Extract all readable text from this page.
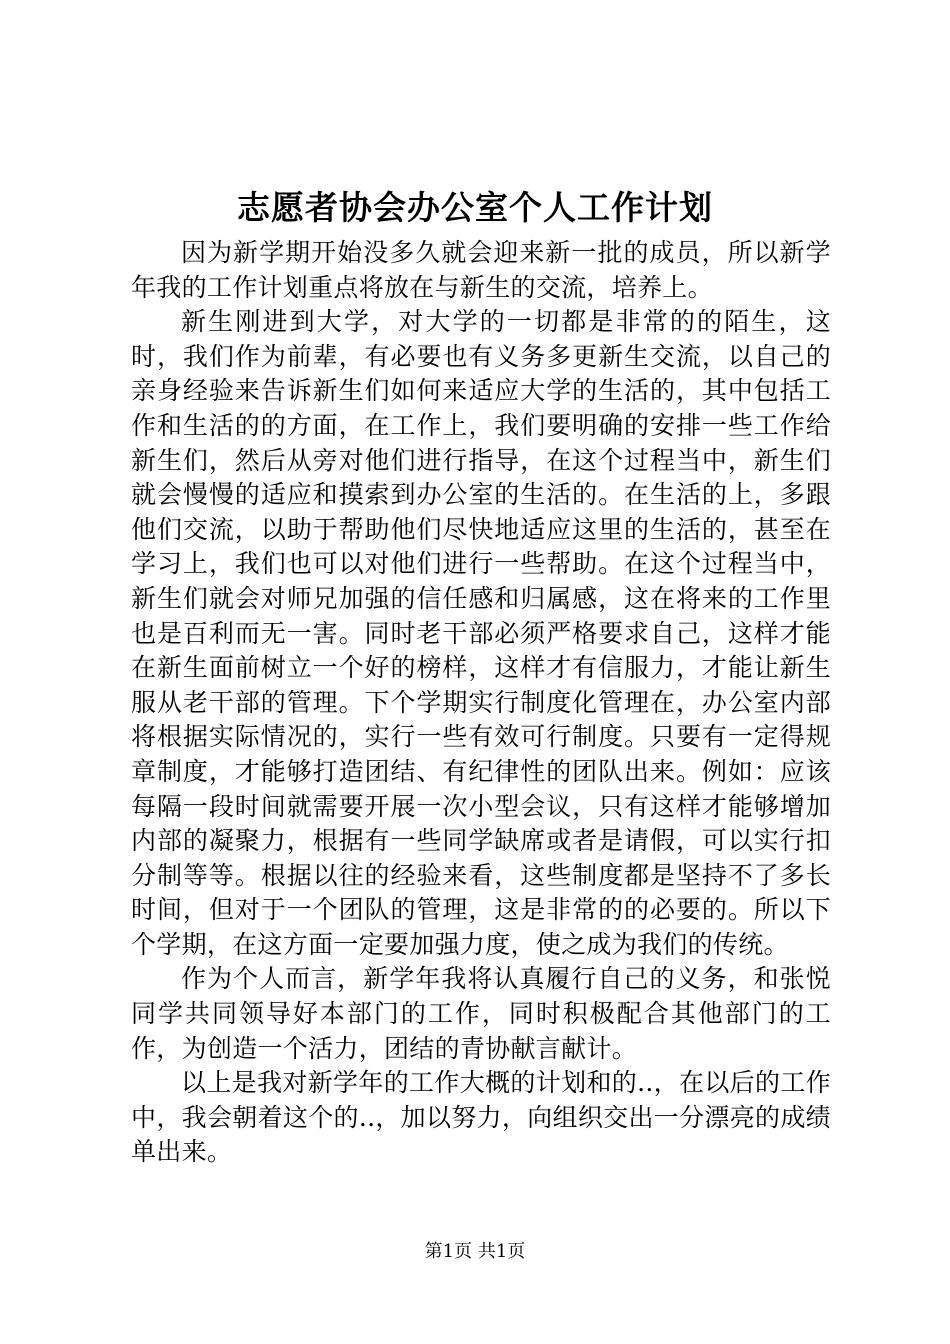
志愿者协会办公室个人工作计划

因为新学期开始没多久就会迎来新一批的成员，所以新学年我的工作计划重点将放在与新生的交流，培养上。

新生刚进到大学，对大学的一切都是非常的的陌生，这时，我们作为前辈，有必要也有义务多更新生交流，以自己的亲身经验来告诉新生们如何来适应大学的生活的，其中包括工作和生活的的方面，在工作上，我们要明确的安排一些工作给新生们，然后从旁对他们进行指导，在这个过程当中，新生们就会慢慢的适应和摸索到办公室的生活的。在生活的上，多跟他们交流，以助于帮助他们尽快地适应这里的生活的，甚至在学习上，我们也可以对他们进行一些帮助。在这个过程当中，新生们就会对师兄加强的信任感和归属感，这在将来的工作里也是百利而无一害。同时老干部必须严格要求自己，这样才能在新生面前树立一个好的榜样，这样才有信服力，才能让新生服从老干部的管理。下个学期实行制度化管理在，办公室内部将根据实际情况的，实行一些有效可行制度。只要有一定得规章制度，才能够打造团结、有纪律性的团队出来。例如：应该每隔一段时间就需要开展一次小型会议，只有这样才能够增加内部的凝聚力，根据有一些同学缺席或者是请假，可以实行扣分制等等。根据以往的经验来看，这些制度都是坚持不了多长时间，但对于一个团队的管理，这是非常的的必要的。所以下个学期，在这方面一定要加强力度，使之成为我们的传统。

作为个人而言，新学年我将认真履行自己的义务，和张悦同学共同领导好本部门的工作，同时积极配合其他部门的工作，为创造一个活力，团结的青协献言献计。

以上是我对新学年的工作大概的计划和的..，在以后的工作中，我会朝着这个的..，加以努力，向组织交出一分漂亮的成绩单出来。

第1页 共1页
